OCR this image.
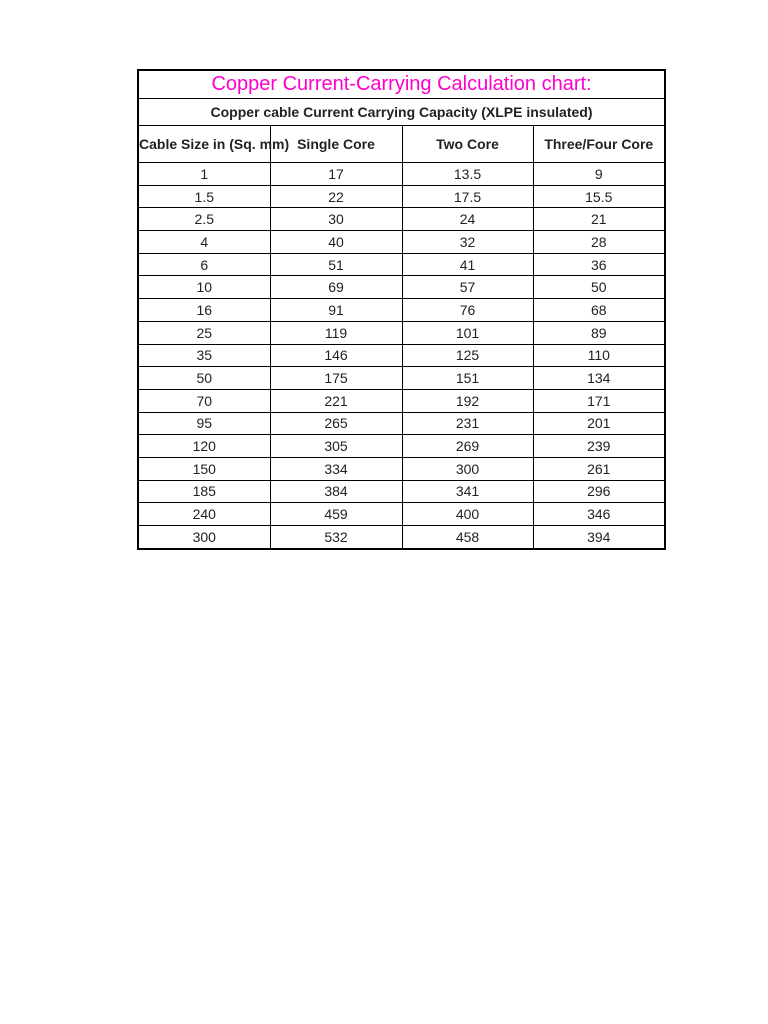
Copper Current-Carrying Calculation chart:			
Copper cable Current Carrying Capacity (XLPE insulated)			
Cable Size in (Sq. mm)	Single Core	Two Core	Three/Four Core
1	17	13.5	9
1.5	22	17.5	15.5
2.5	30	24	21
4	40	32	28
6	51	41	36
10	69	57	50
16	91	76	68
25	119	101	89
35	146	125	110
50	175	151	134
70	221	192	171
95	265	231	201
120	305	269	239
150	334	300	261
185	384	341	296
240	459	400	346
300	532	458	394
